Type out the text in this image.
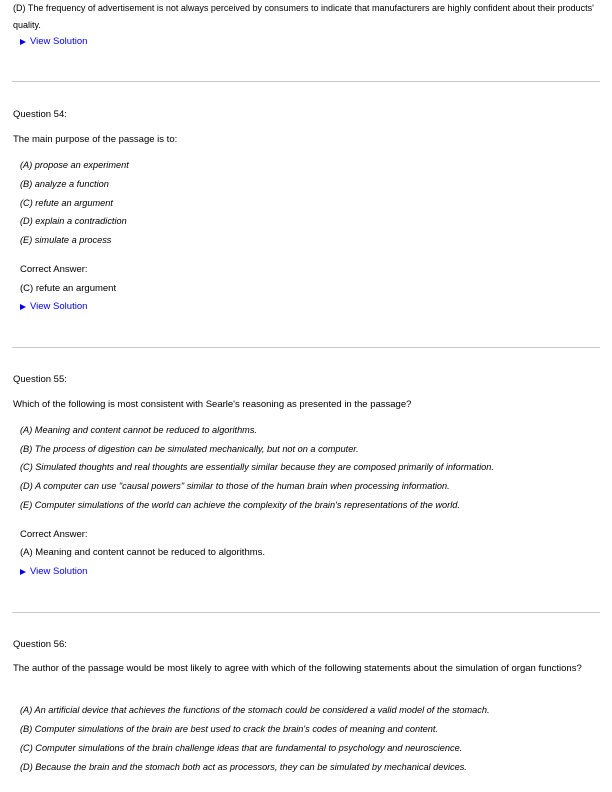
(D) The frequency of advertisement is not always perceived by consumers to indicate that manufacturers are highly confident about their products' quality.
View Solution
Question 54:
The main purpose of the passage is to:
(A) propose an experiment
(B) analyze a function
(C) refute an argument
(D) explain a contradiction
(E) simulate a process
Correct Answer:
(C) refute an argument
View Solution
Question 55:
Which of the following is most consistent with Searle's reasoning as presented in the passage?
(A) Meaning and content cannot be reduced to algorithms.
(B) The process of digestion can be simulated mechanically, but not on a computer.
(C) Simulated thoughts and real thoughts are essentially similar because they are composed primarily of information.
(D) A computer can use "causal powers" similar to those of the human brain when processing information.
(E) Computer simulations of the world can achieve the complexity of the brain's representations of the world.
Correct Answer:
(A) Meaning and content cannot be reduced to algorithms.
View Solution
Question 56:
The author of the passage would be most likely to agree with which of the following statements about the simulation of organ functions?
(A) An artificial device that achieves the functions of the stomach could be considered a valid model of the stomach.
(B) Computer simulations of the brain are best used to crack the brain's codes of meaning and content.
(C) Computer simulations of the brain challenge ideas that are fundamental to psychology and neuroscience.
(D) Because the brain and the stomach both act as processors, they can be simulated by mechanical devices.
